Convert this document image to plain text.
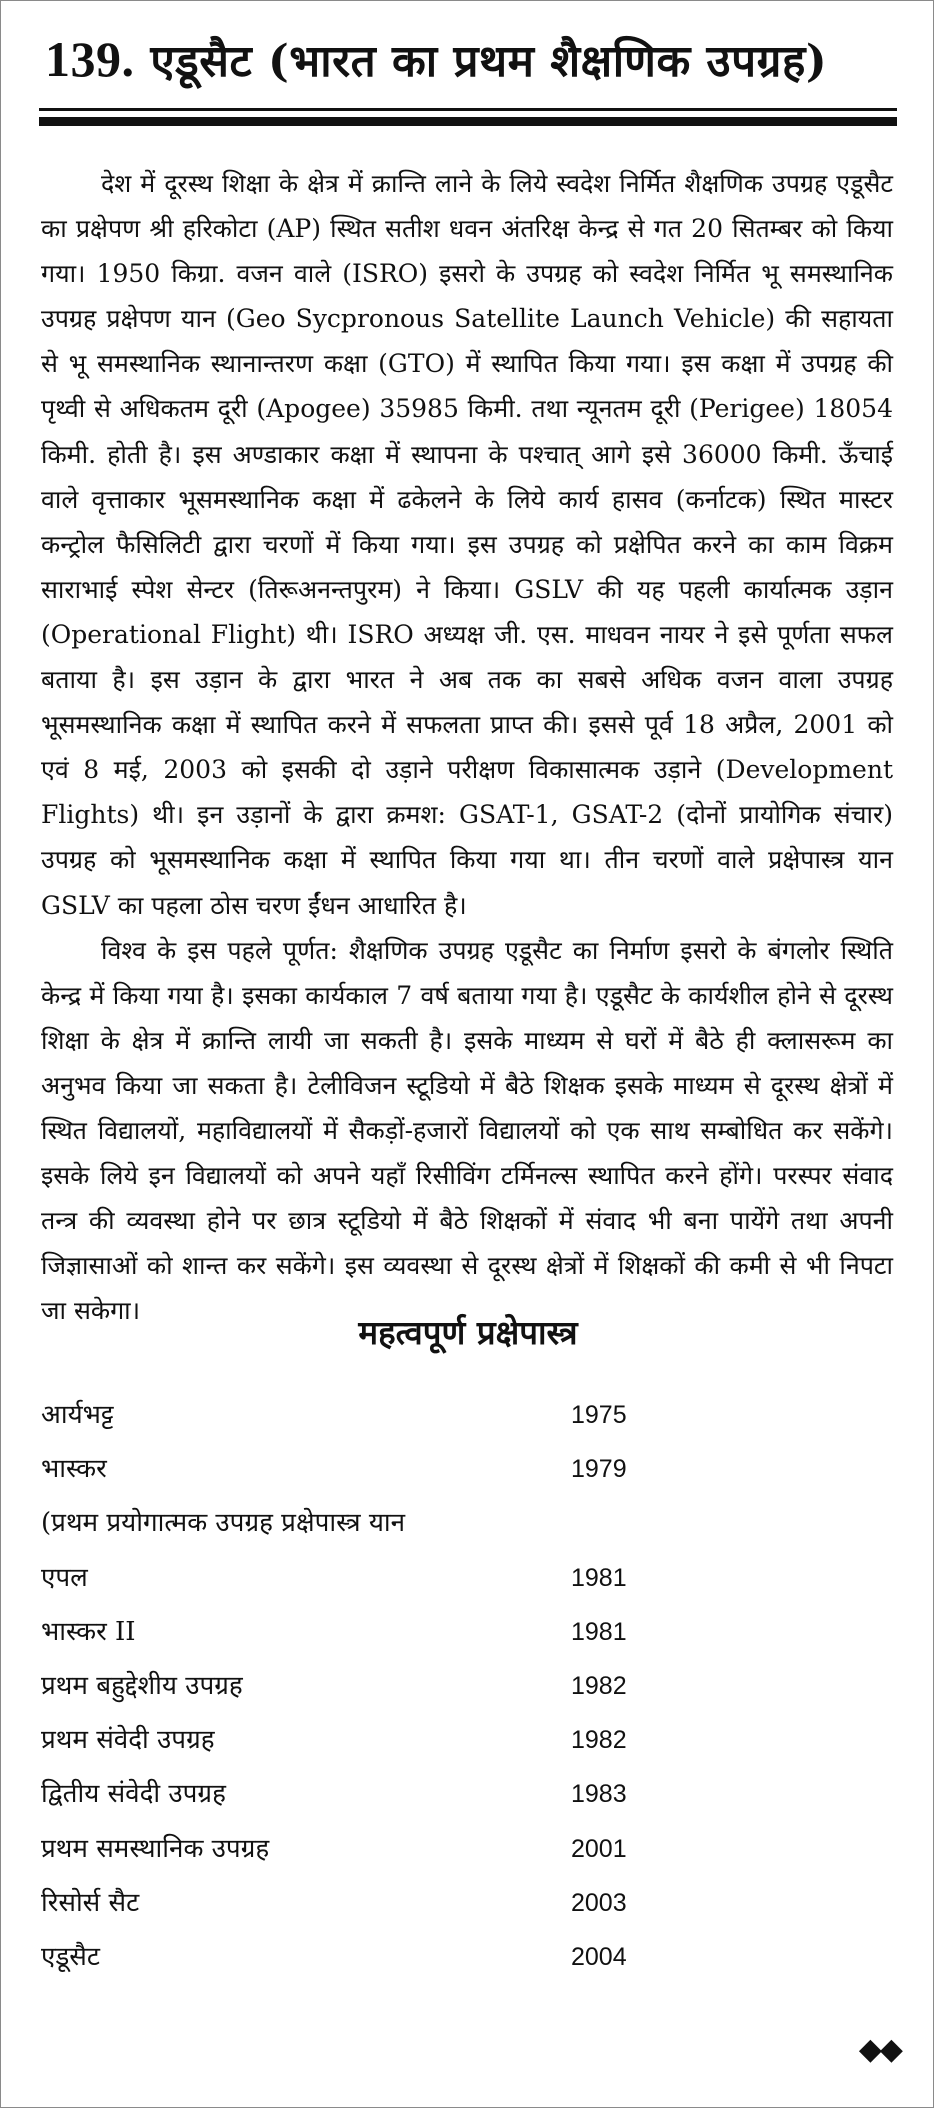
139. एडूसैट (भारत का प्रथम शैक्षणिक उपग्रह)

देश में दूरस्थ शिक्षा के क्षेत्र में क्रान्ति लाने के लिये स्वदेश निर्मित शैक्षणिक उपग्रह एडूसैट का प्रक्षेपण श्री हरिकोटा (AP) स्थित सतीश धवन अंतरिक्ष केन्द्र से गत 20 सितम्बर को किया गया। 1950 किग्रा. वजन वाले (ISRO) इसरो के उपग्रह को स्वदेश निर्मित भू समस्थानिक उपग्रह प्रक्षेपण यान (Geo Sycpronous Satellite Launch Vehicle) की सहायता से भू समस्थानिक स्थानान्तरण कक्षा (GTO) में स्थापित किया गया। इस कक्षा में उपग्रह की पृथ्वी से अधिकतम दूरी (Apogee) 35985 किमी. तथा न्यूनतम दूरी (Perigee) 18054 किमी. होती है। इस अण्डाकार कक्षा में स्थापना के पश्चात् आगे इसे 36000 किमी. ऊँचाई वाले वृत्ताकार भूसमस्थानिक कक्षा में ढकेलने के लिये कार्य हासव (कर्नाटक) स्थित मास्टर कन्ट्रोल फैसिलिटी द्वारा चरणों में किया गया। इस उपग्रह को प्रक्षेपित करने का काम विक्रम साराभाई स्पेश सेन्टर (तिरूअनन्तपुरम) ने किया। GSLV की यह पहली कार्यात्मक उड़ान (Operational Flight) थी। ISRO अध्यक्ष जी. एस. माधवन नायर ने इसे पूर्णता सफल बताया है। इस उड़ान के द्वारा भारत ने अब तक का सबसे अधिक वजन वाला उपग्रह भूसमस्थानिक कक्षा में स्थापित करने में सफलता प्राप्त की। इससे पूर्व 18 अप्रैल, 2001 को एवं 8 मई, 2003 को इसकी दो उड़ाने परीक्षण विकासात्मक उड़ाने (Development Flights) थी। इन उड़ानों के द्वारा क्रमश: GSAT-1, GSAT-2 (दोनों प्रायोगिक संचार) उपग्रह को भूसमस्थानिक कक्षा में स्थापित किया गया था। तीन चरणों वाले प्रक्षेपास्त्र यान GSLV का पहला ठोस चरण ईंधन आधारित है।

विश्व के इस पहले पूर्णत: शैक्षणिक उपग्रह एडूसैट का निर्माण इसरो के बंगलोर स्थिति केन्द्र में किया गया है। इसका कार्यकाल 7 वर्ष बताया गया है। एडूसैट के कार्यशील होने से दूरस्थ शिक्षा के क्षेत्र में क्रान्ति लायी जा सकती है। इसके माध्यम से घरों में बैठे ही क्लासरूम का अनुभव किया जा सकता है। टेलीविजन स्टूडियो में बैठे शिक्षक इसके माध्यम से दूरस्थ क्षेत्रों में स्थित विद्यालयों, महाविद्यालयों में सैकड़ों-हजारों विद्यालयों को एक साथ सम्बोधित कर सकेंगे। इसके लिये इन विद्यालयों को अपने यहाँ रिसीविंग टर्मिनल्स स्थापित करने होंगे। परस्पर संवाद तन्त्र की व्यवस्था होने पर छात्र स्टूडियो में बैठे शिक्षकों में संवाद भी बना पायेंगे तथा अपनी जिज्ञासाओं को शान्त कर सकेंगे। इस व्यवस्था से दूरस्थ क्षेत्रों में शिक्षकों की कमी से भी निपटा जा सकेगा।

महत्वपूर्ण प्रक्षेपास्त्र
आर्यभट्ट	1975
भास्कर	1979
(प्रथम प्रयोगात्मक उपग्रह प्रक्षेपास्त्र यान
एपल	1981
भास्कर II	1981
प्रथम बहुद्देशीय उपग्रह	1982
प्रथम संवेदी उपग्रह	1982
द्वितीय संवेदी उपग्रह	1983
प्रथम समस्थानिक उपग्रह	2001
रिसोर्स सैट	2003
एडूसैट	2004
◆◆
